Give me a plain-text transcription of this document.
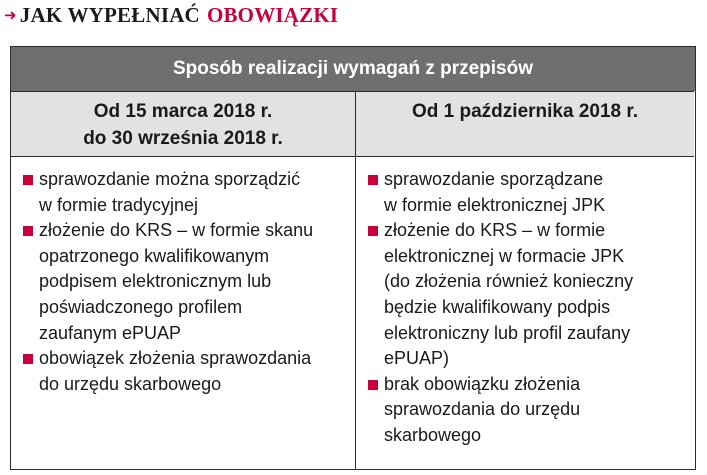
➜ JAK WYPEŁNIAĆ OBOWIĄZKI
Sposób realizacji wymagań z przepisów
Od 15 marca 2018 r.
do 30 września 2018 r.
Od 1 października 2018 r.
sprawozdanie można sporządzić
w formie tradycyjnej
złożenie do KRS – w formie skanu
opatrzonego kwalifikowanym
podpisem elektronicznym lub
poświadczonego profilem
zaufanym ePUAP
obowiązek złożenia sprawozdania
do urzędu skarbowego
sprawozdanie sporządzane
w formie elektronicznej JPK
złożenie do KRS – w formie
elektronicznej w formacie JPK
(do złożenia również konieczny
będzie kwalifikowany podpis
elektroniczny lub profil zaufany
ePUAP)
brak obowiązku złożenia
sprawozdania do urzędu
skarbowego
